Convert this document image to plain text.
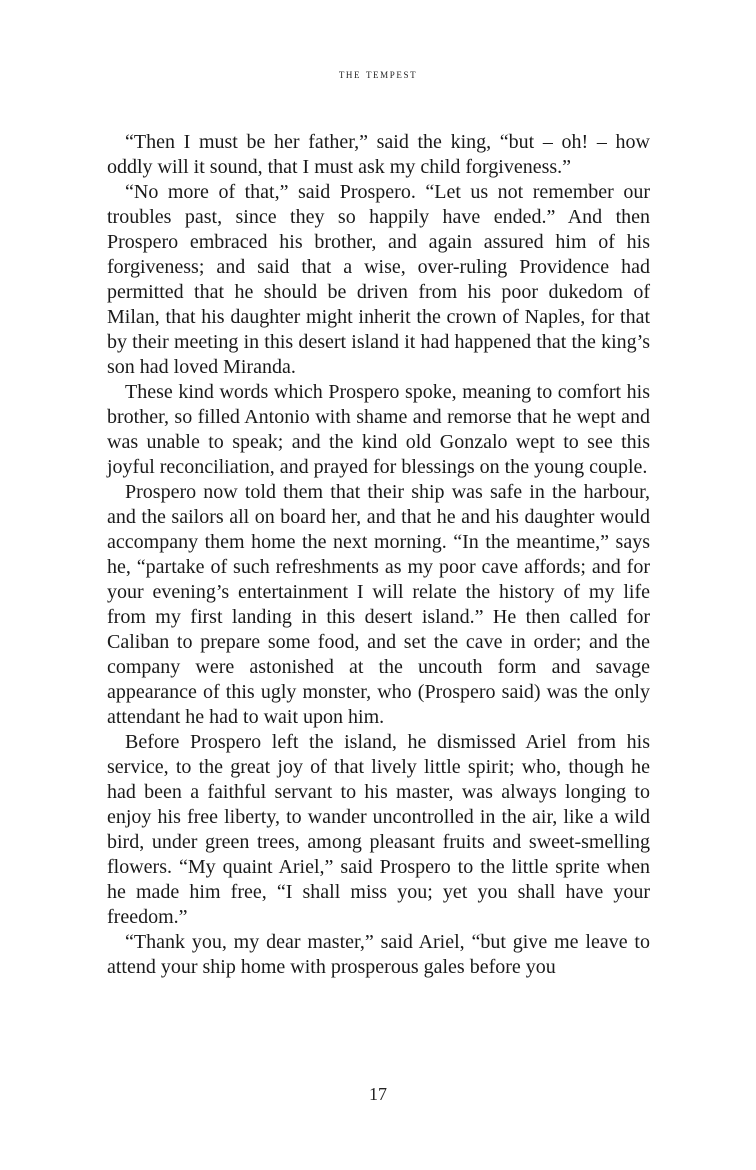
the tempest

“Then I must be her father,” said the king, “but – oh! – how oddly will it sound, that I must ask my child forgiveness.”

“No more of that,” said Prospero. “Let us not remember our troubles past, since they so happily have ended.” And then Prospero embraced his brother, and again assured him of his forgiveness; and said that a wise, over-ruling Providence had permitted that he should be driven from his poor dukedom of Milan, that his daughter might inherit the crown of Naples, for that by their meeting in this desert island it had happened that the king’s son had loved Miranda.

These kind words which Prospero spoke, meaning to comfort his brother, so filled Antonio with shame and remorse that he wept and was unable to speak; and the kind old Gonzalo wept to see this joyful reconciliation, and prayed for blessings on the young couple.

Prospero now told them that their ship was safe in the harbour, and the sailors all on board her, and that he and his daughter would accompany them home the next morning. “In the meantime,” says he, “partake of such refreshments as my poor cave affords; and for your evening’s entertainment I will relate the history of my life from my first landing in this desert island.” He then called for Caliban to prepare some food, and set the cave in order; and the company were astonished at the uncouth form and savage appearance of this ugly monster, who (Prospero said) was the only attendant he had to wait upon him.

Before Prospero left the island, he dismissed Ariel from his service, to the great joy of that lively little spirit; who, though he had been a faithful servant to his master, was always longing to enjoy his free liberty, to wander uncontrolled in the air, like a wild bird, under green trees, among pleasant fruits and sweet-smelling flowers. “My quaint Ariel,” said Prospero to the little sprite when he made him free, “I shall miss you; yet you shall have your freedom.”

“Thank you, my dear master,” said Ariel, “but give me leave to attend your ship home with prosperous gales before you

17
